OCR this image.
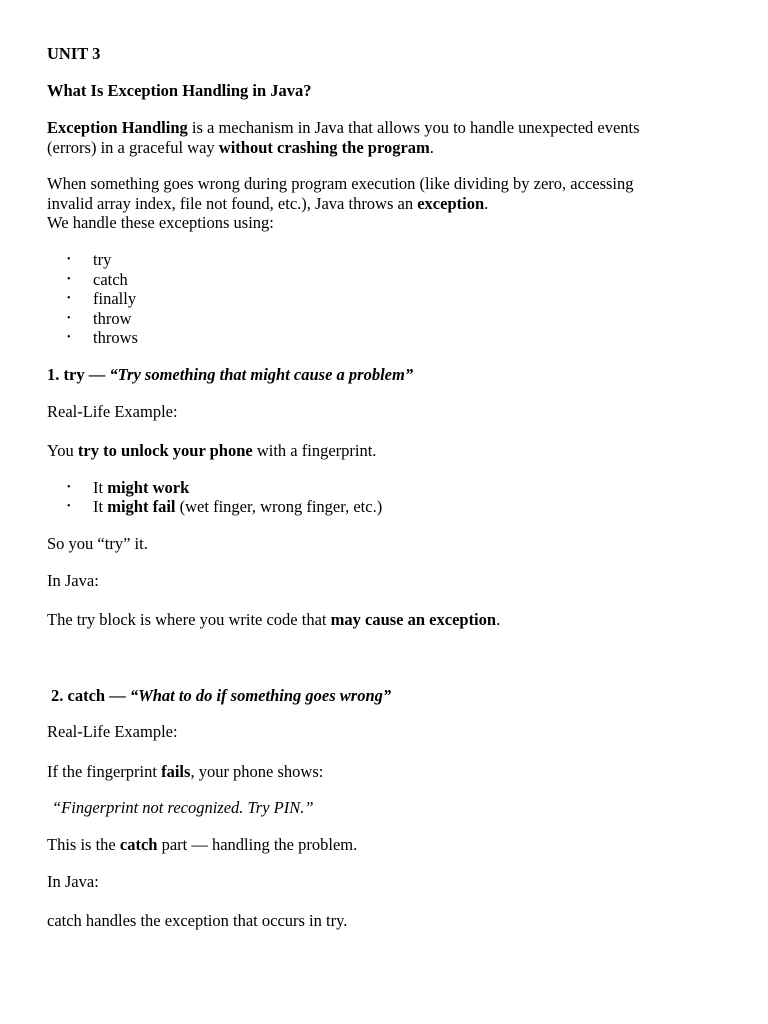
UNIT 3
What Is Exception Handling in Java?
Exception Handling is a mechanism in Java that allows you to handle unexpected events
(errors) in a graceful way without crashing the program.
When something goes wrong during program execution (like dividing by zero, accessing
invalid array index, file not found, etc.), Java throws an exception.
We handle these exceptions using:
• try
• catch
• finally
• throw
• throws
1. try — “Try something that might cause a problem”
Real-Life Example:
You try to unlock your phone with a fingerprint.
• It might work
• It might fail (wet finger, wrong finger, etc.)
So you “try” it.
In Java:
The try block is where you write code that may cause an exception.
2. catch — “What to do if something goes wrong”
Real-Life Example:
If the fingerprint fails, your phone shows:
“Fingerprint not recognized. Try PIN.”
This is the catch part — handling the problem.
In Java:
catch handles the exception that occurs in try.
